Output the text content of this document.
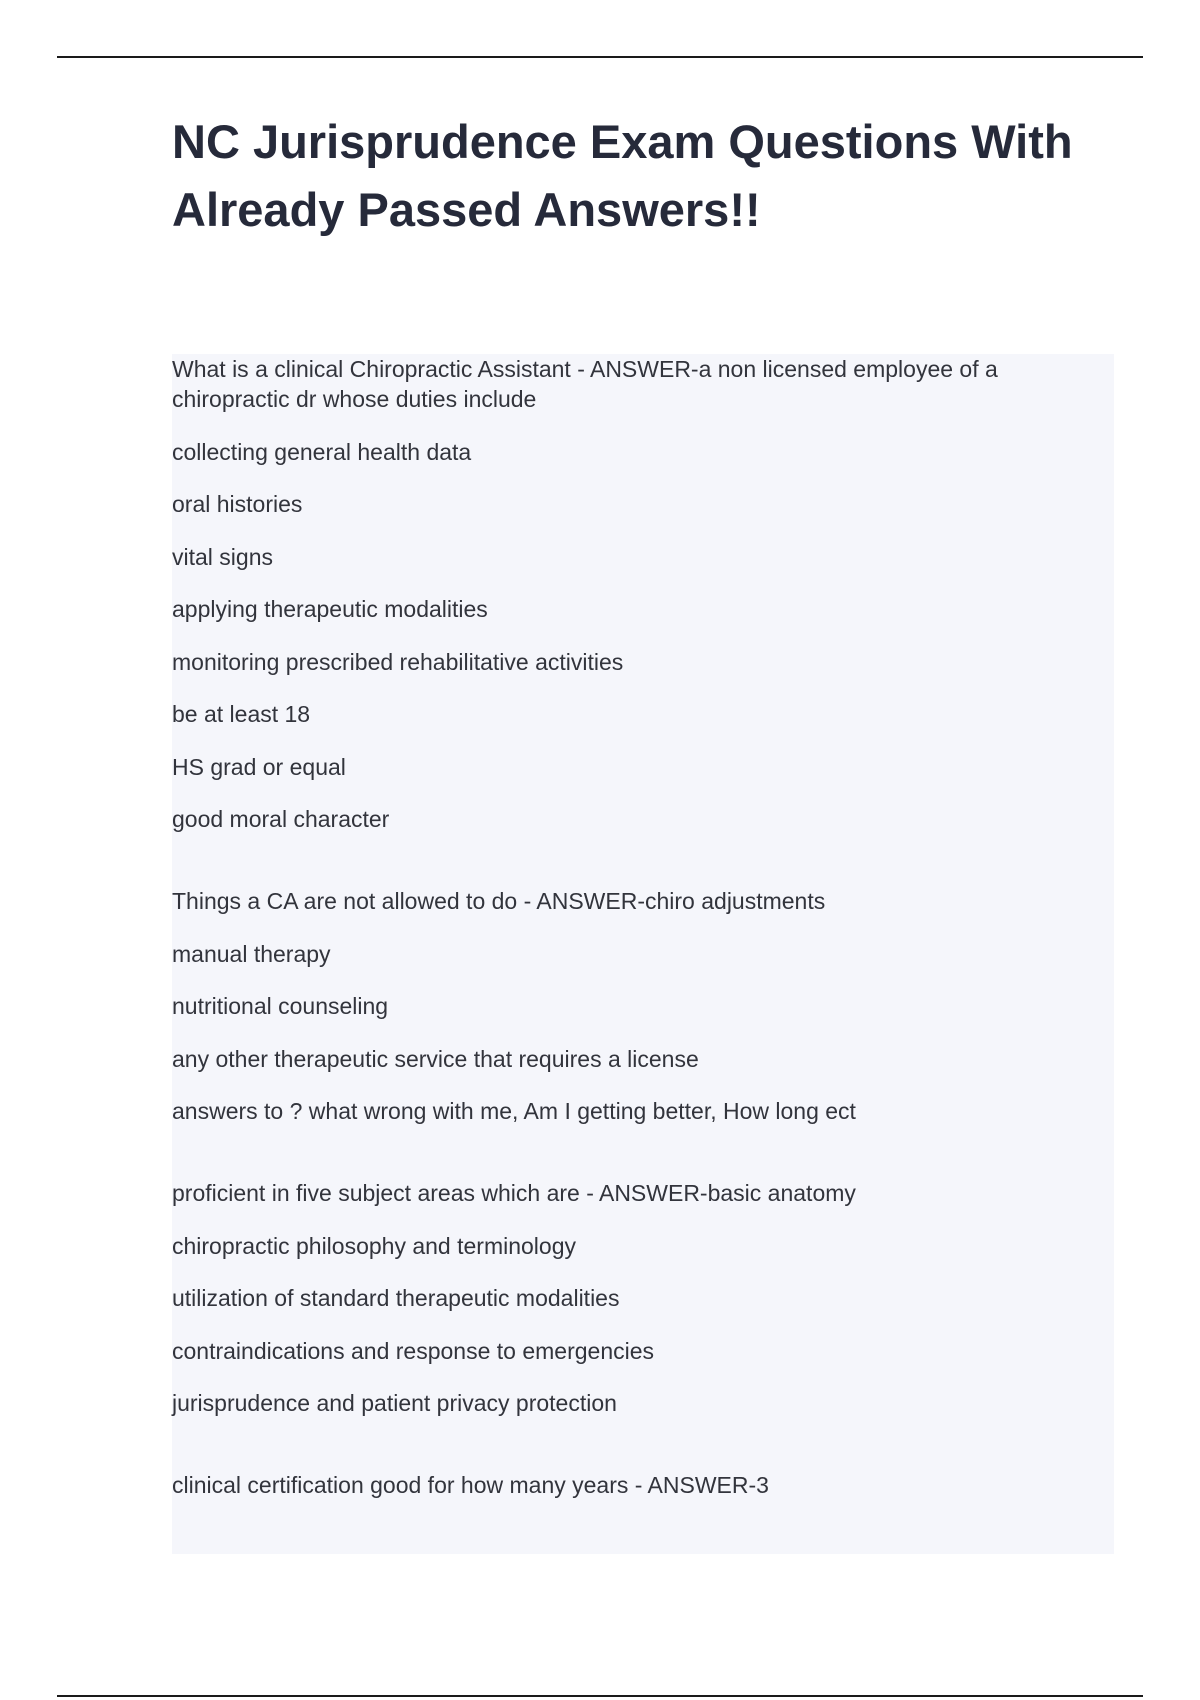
NC Jurisprudence Exam Questions With Already Passed Answers!!

What is a clinical Chiropractic Assistant - ANSWER-a non licensed employee of a chiropractic dr whose duties include

collecting general health data

oral histories

vital signs

applying therapeutic modalities

monitoring prescribed rehabilitative activities

be at least 18

HS grad or equal

good moral character

Things a CA are not allowed to do - ANSWER-chiro adjustments

manual therapy

nutritional counseling

any other therapeutic service that requires a license

answers to ? what wrong with me, Am I getting better, How long ect

proficient in five subject areas which are - ANSWER-basic anatomy

chiropractic philosophy and terminology

utilization of standard therapeutic modalities

contraindications and response to emergencies

jurisprudence and patient privacy protection

clinical certification good for how many years - ANSWER-3
